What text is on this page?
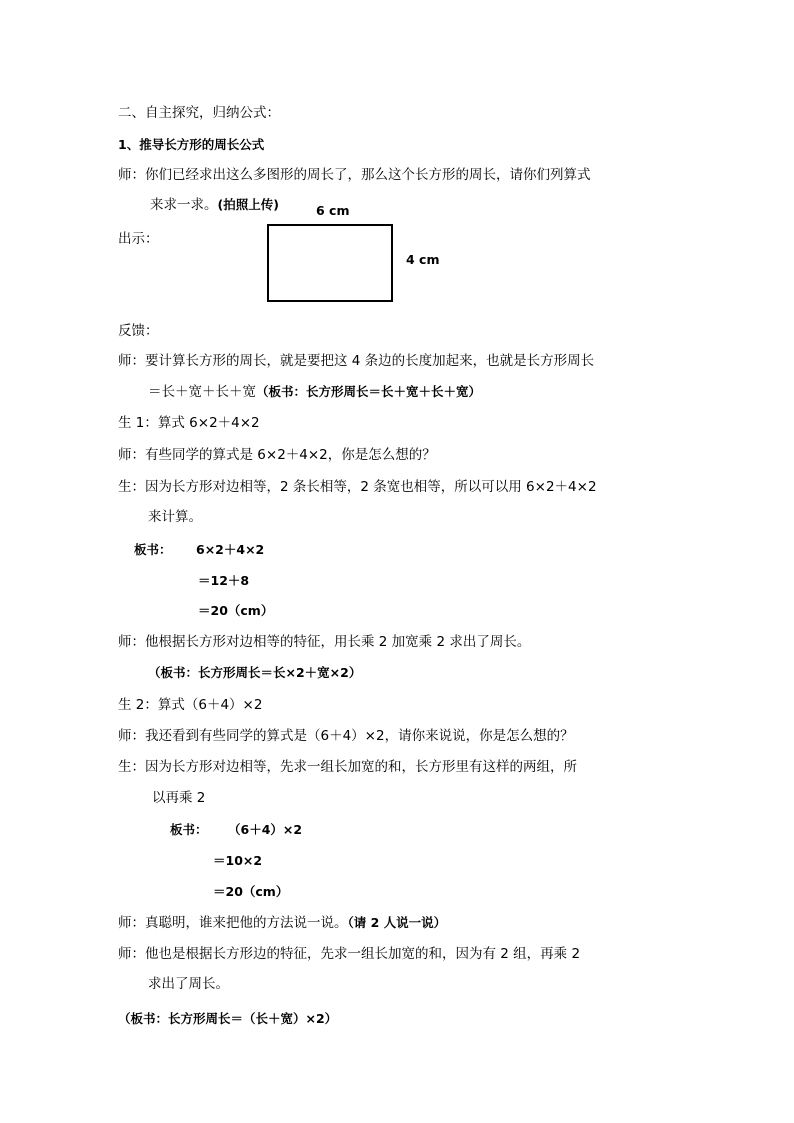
二、自主探究，归纳公式：
1、推导长方形的周长公式
师：你们已经求出这么多图形的周长了，那么这个长方形的周长，请你们列算式
来求一求。(拍照上传)	6 cm
出示：
4 cm
反馈：
师：要计算长方形的周长，就是要把这 4 条边的长度加起来，也就是长方形周长
＝长＋宽＋长＋宽（板书：长方形周长＝长＋宽＋长＋宽）
生 1：算式 6×2＋4×2
师：有些同学的算式是 6×2＋4×2，你是怎么想的？
生：因为长方形对边相等，2 条长相等，2 条宽也相等，所以可以用 6×2＋4×2
来计算。
板书： 6×2＋4×2
＝12＋8
＝20（cm）
师：他根据长方形对边相等的特征，用长乘 2 加宽乘 2 求出了周长。
（板书：长方形周长＝长×2＋宽×2）
生 2：算式（6＋4）×2
师：我还看到有些同学的算式是（6＋4）×2，请你来说说，你是怎么想的？
生：因为长方形对边相等，先求一组长加宽的和，长方形里有这样的两组，所
以再乘 2
板书： （6＋4）×2
＝10×2
＝20（cm）
师：真聪明，谁来把他的方法说一说。（请 2 人说一说）
师：他也是根据长方形边的特征，先求一组长加宽的和，因为有 2 组，再乘 2
求出了周长。
（板书：长方形周长＝（长＋宽）×2）
